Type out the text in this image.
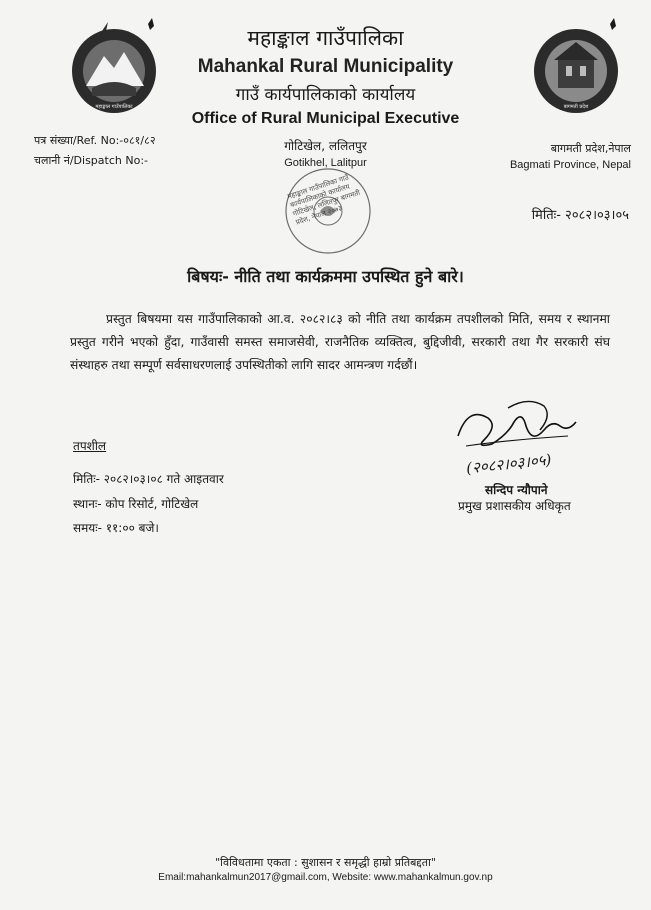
महाङ्काल गाउँपालिका	बागमती प्रदेश
महाङ्काल गाउँपालिका
Mahankal Rural Municipality
गाउँ कार्यपालिकाको कार्यालय
Office of Rural Municipal Executive
गोटिखेल, ललितपुर
Gotikhel, Lalitpur
पत्र संख्या/Ref. No:-०८१/८२
चलानी नं/Dispatch No:-
बागमती प्रदेश,नेपाल
Bagmati Province, Nepal
महाङ्काल गाउँपालिका गाउँ कार्यपालिकाको कार्यालय गोटिखेल, ललितपुर बागमती प्रदेश, नेपाल २०७३	मितिः- २०८२।०३।०५
बिषयः- नीति तथा कार्यक्रममा उपस्थित हुने बारे।
प्रस्तुत बिषयमा यस गाउँपालिकाको आ.व. २०८२।८३ को नीति तथा कार्यक्रम तपशीलको मिति, समय र स्थानमा प्रस्तुत गरीने भएको हुँदा, गाउँवासी समस्त समाजसेवी, राजनैतिक व्यक्तित्व, बुद्दिजीवी, सरकारी तथा गैर सरकारी संघ संस्थाहरु तथा सम्पूर्ण सर्वसाधरणलाई उपस्थितीको लागि सादर आमन्त्रण गर्दछौं।
तपशील
मितिः- २०८२।०३।०८ गते आइतवार
स्थानः- कोप रिसोर्ट, गोटिखेल
समयः- ११:०० बजे।
(२०८२।०३।०५)
सन्दिप न्यौपाने
प्रमुख प्रशासकीय अधिकृत
"विविधतामा एकता : सुशासन र समृद्धी हाम्रो प्रतिबद्दता"
Email:mahankalmun2017@gmail.com, Website: www.mahankalmun.gov.np
